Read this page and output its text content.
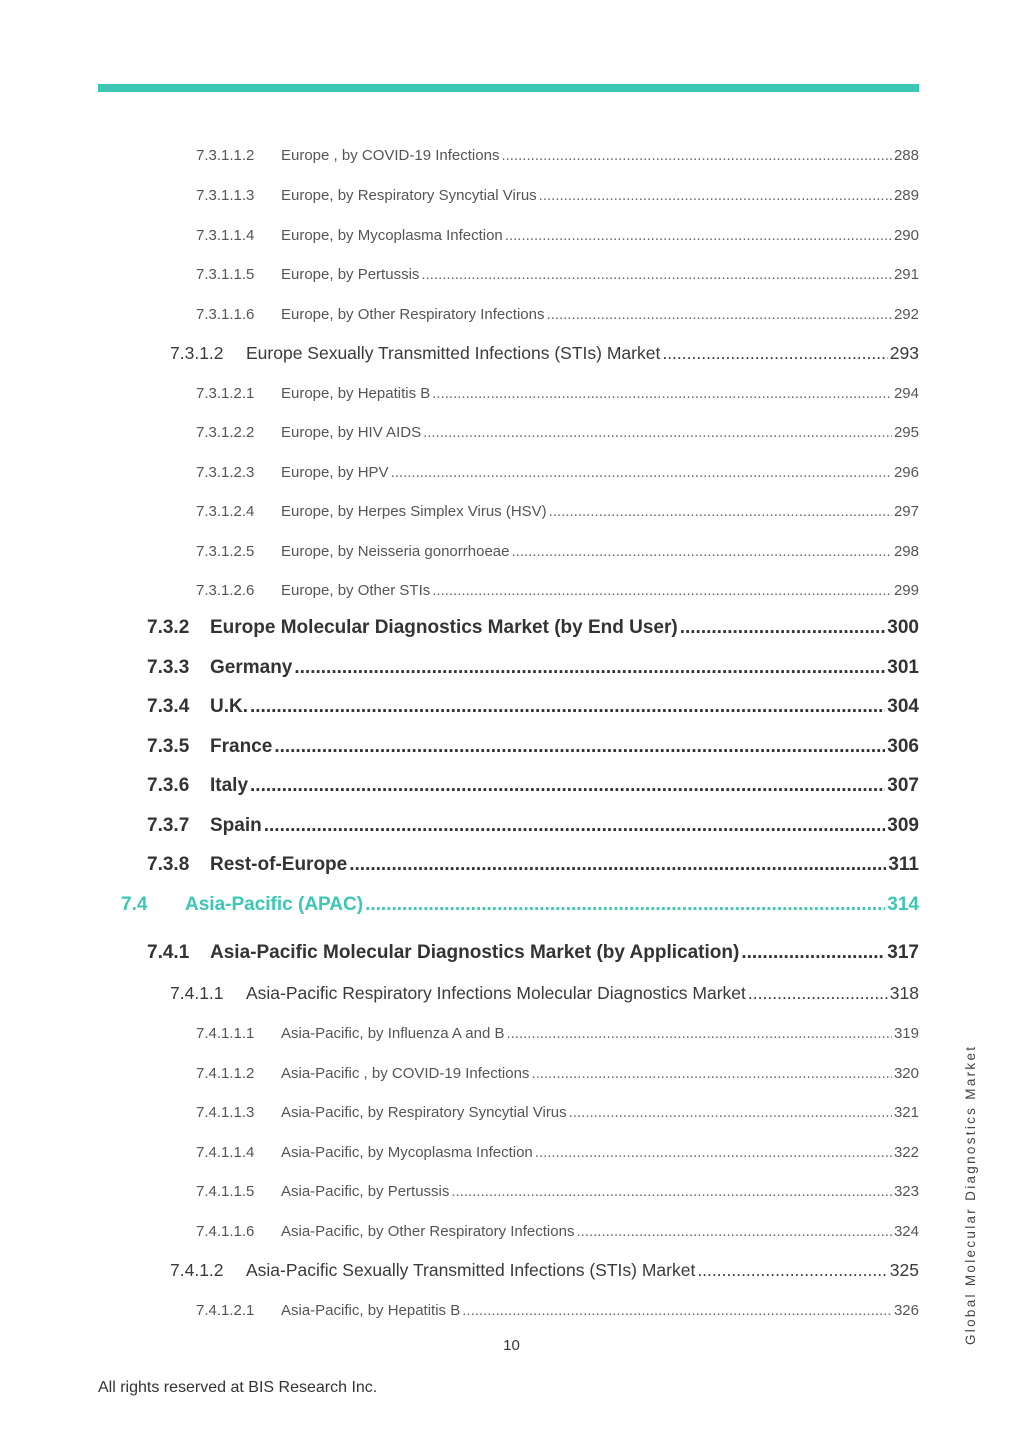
7.3.1.1.2	Europe , by COVID-19 Infections .....	288
7.3.1.1.3	Europe, by Respiratory Syncytial Virus .....	289
7.3.1.1.4	Europe, by Mycoplasma Infection .....	290
7.3.1.1.5	Europe, by Pertussis .....	291
7.3.1.1.6	Europe, by Other Respiratory Infections .....	292
7.3.1.2	Europe Sexually Transmitted Infections (STIs) Market .....	293
7.3.1.2.1	Europe, by Hepatitis B .....	294
7.3.1.2.2	Europe, by HIV AIDS .....	295
7.3.1.2.3	Europe, by HPV .....	296
7.3.1.2.4	Europe, by Herpes Simplex Virus (HSV) .....	297
7.3.1.2.5	Europe, by Neisseria gonorrhoeae .....	298
7.3.1.2.6	Europe, by Other STIs .....	299
7.3.2	Europe Molecular Diagnostics Market (by End User) .....	300
7.3.3	Germany .....	301
7.3.4	U.K. .....	304
7.3.5	France .....	306
7.3.6	Italy .....	307
7.3.7	Spain .....	309
7.3.8	Rest-of-Europe .....	311
7.4	Asia-Pacific (APAC) .....	314
7.4.1	Asia-Pacific Molecular Diagnostics Market (by Application) .....	317
7.4.1.1	Asia-Pacific Respiratory Infections Molecular Diagnostics Market .....	318
7.4.1.1.1	Asia-Pacific, by Influenza A and B .....	319
7.4.1.1.2	Asia-Pacific , by COVID-19 Infections .....	320
7.4.1.1.3	Asia-Pacific, by Respiratory Syncytial Virus .....	321
7.4.1.1.4	Asia-Pacific, by Mycoplasma Infection .....	322
7.4.1.1.5	Asia-Pacific, by Pertussis .....	323
7.4.1.1.6	Asia-Pacific, by Other Respiratory Infections .....	324
7.4.1.2	Asia-Pacific Sexually Transmitted Infections (STIs) Market .....	325
7.4.1.2.1	Asia-Pacific, by Hepatitis B .....	326
10
All rights reserved at BIS Research Inc.
Global Molecular Diagnostics Market
